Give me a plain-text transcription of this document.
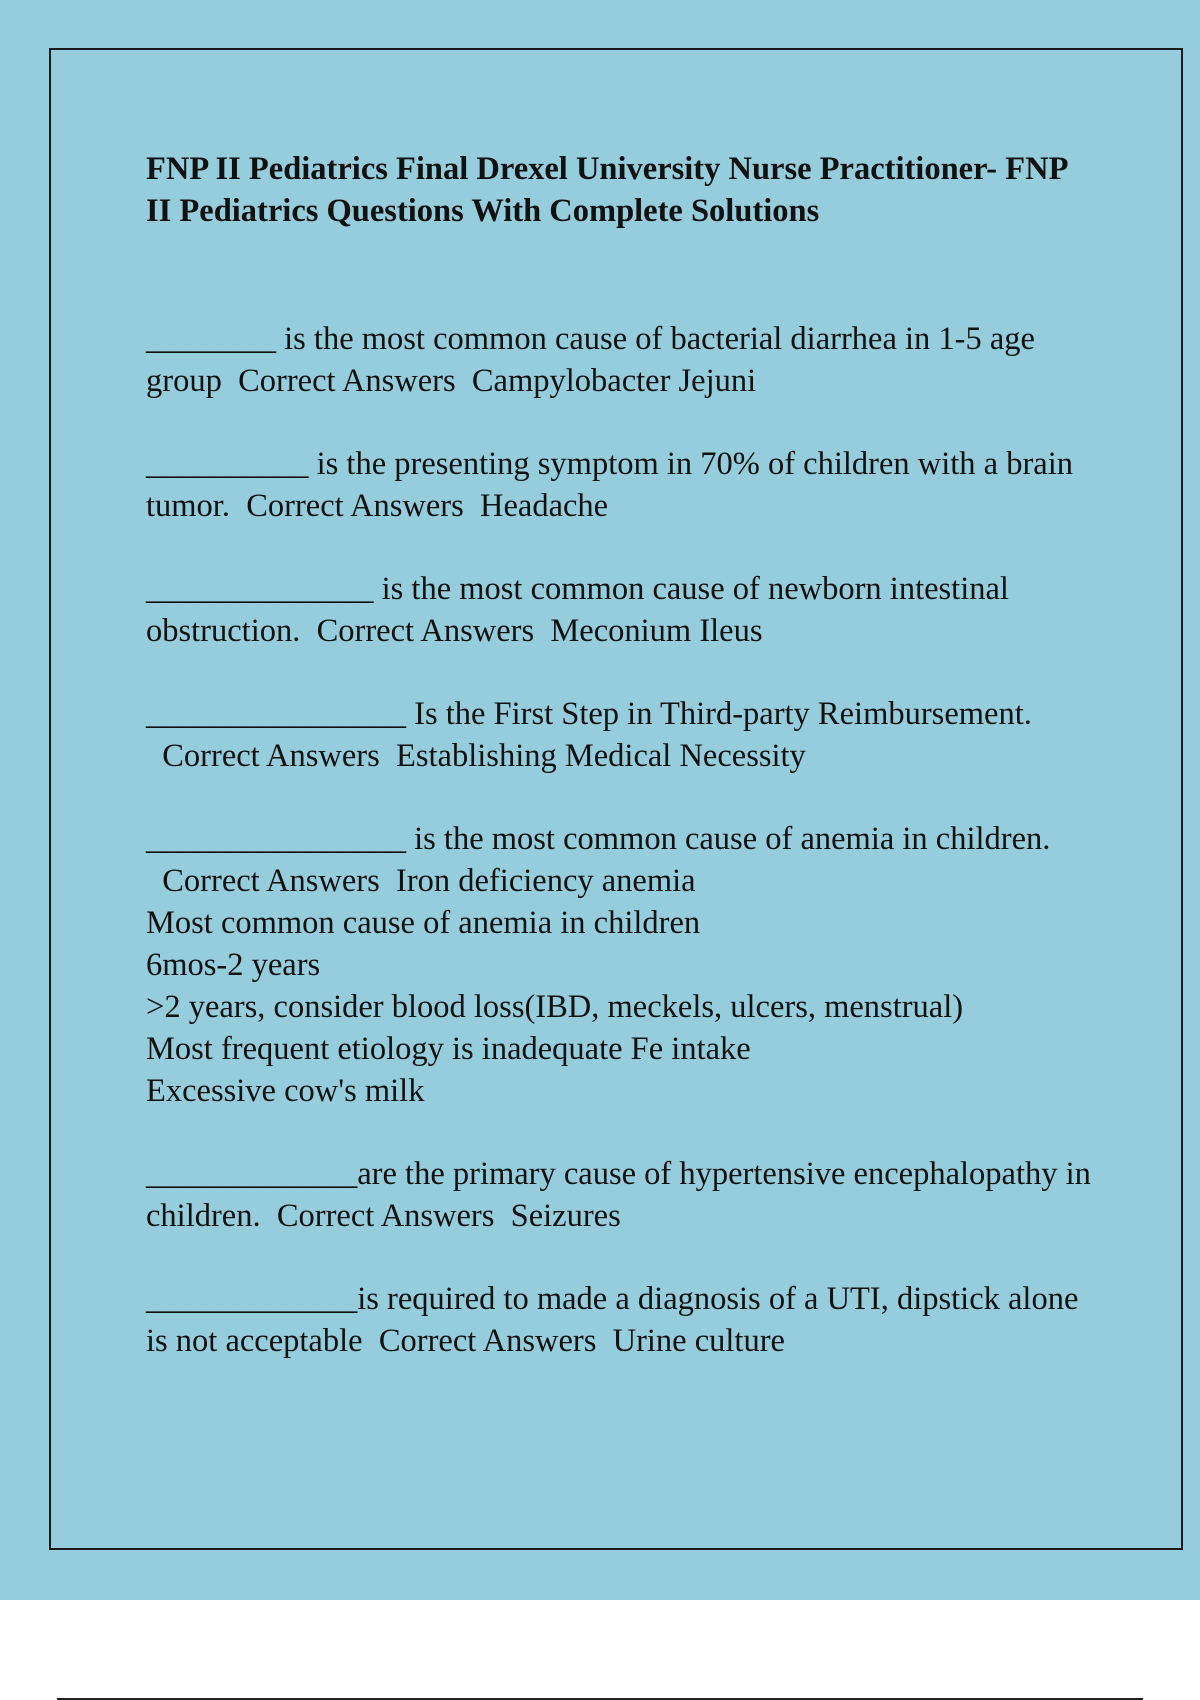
FNP II Pediatrics Final Drexel University Nurse Practitioner- FNP II Pediatrics Questions With Complete Solutions
________ is the most common cause of bacterial diarrhea in 1-5 age group Correct Answers Campylobacter Jejuni
__________ is the presenting symptom in 70% of children with a brain tumor. Correct Answers Headache
______________ is the most common cause of newborn intestinal obstruction. Correct Answers Meconium Ileus
________________ Is the First Step in Third-party Reimbursement.  Correct Answers Establishing Medical Necessity
________________ is the most common cause of anemia in children.  Correct Answers Iron deficiency anemia
Most common cause of anemia in children
6mos-2 years
>2 years, consider blood loss(IBD, meckels, ulcers, menstrual)
Most frequent etiology is inadequate Fe intake
Excessive cow's milk
_____________are the primary cause of hypertensive encephalopathy in children. Correct Answers Seizures
_____________is required to made a diagnosis of a UTI, dipstick alone is not acceptable Correct Answers Urine culture
